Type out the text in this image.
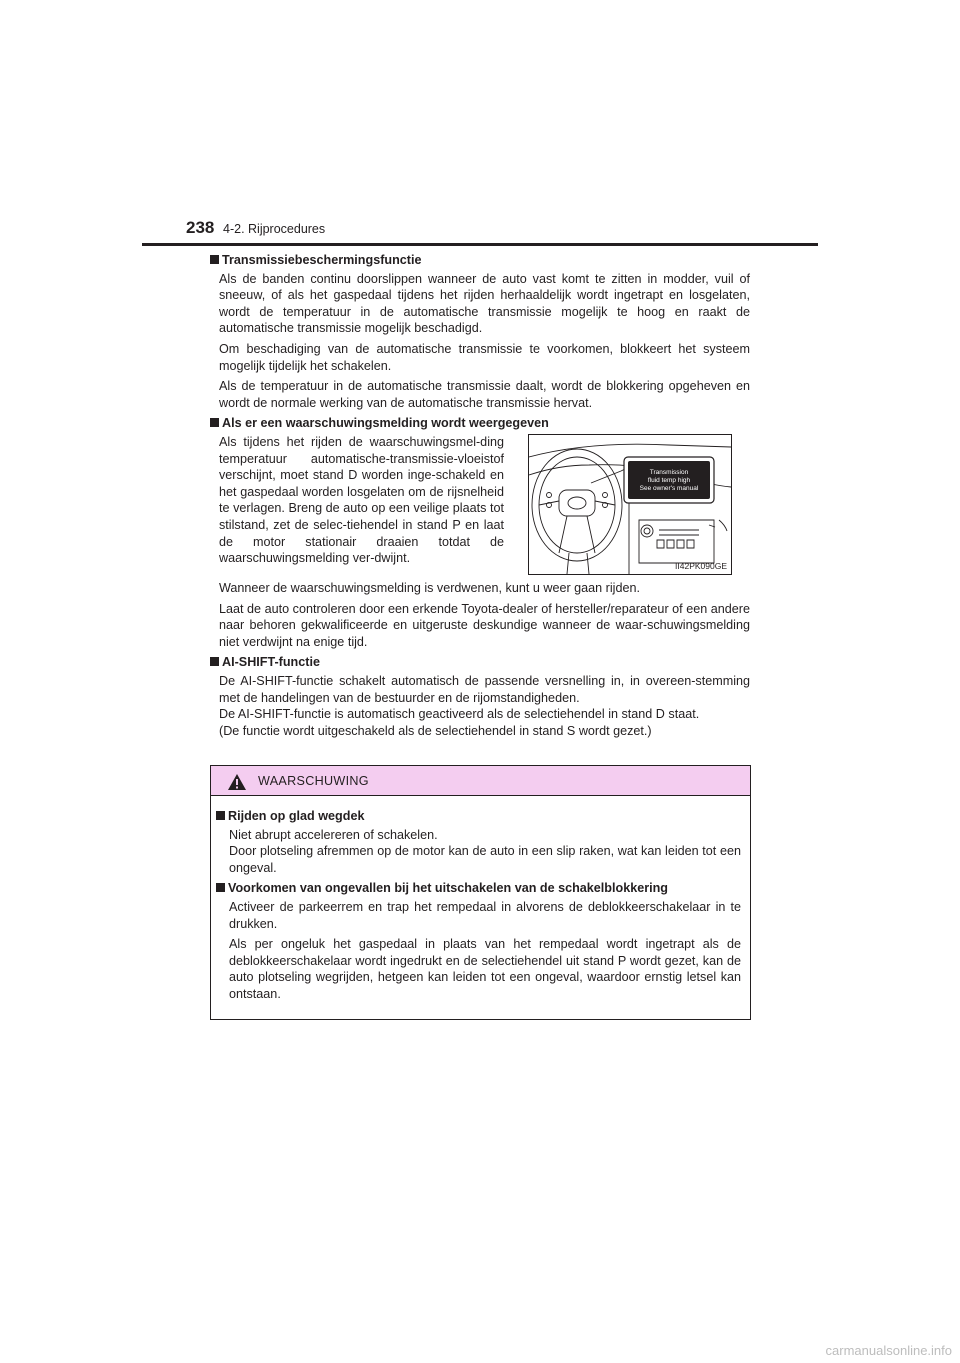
238 4-2. Rijprocedures
Transmissiebeschermingsfunctie
Als de banden continu doorslippen wanneer de auto vast komt te zitten in modder, vuil of sneeuw, of als het gaspedaal tijdens het rijden herhaaldelijk wordt ingetrapt en losgelaten, wordt de temperatuur in de automatische transmissie mogelijk te hoog en raakt de automatische transmissie mogelijk beschadigd.
Om beschadiging van de automatische transmissie te voorkomen, blokkeert het systeem mogelijk tijdelijk het schakelen.
Als de temperatuur in de automatische transmissie daalt, wordt de blokkering opgeheven en wordt de normale werking van de automatische transmissie hervat.
Als er een waarschuwingsmelding wordt weergegeven
Als tijdens het rijden de waarschuwingsmel-ding temperatuur automatische-transmissie-vloeistof verschijnt, moet stand D worden inge-schakeld en het gaspedaal worden losgelaten om de rijsnelheid te verlagen. Breng de auto op een veilige plaats tot stilstand, zet de selec-tiehendel in stand P en laat de motor stationair draaien totdat de waarschuwingsmelding ver-dwijnt.
Transmission
fluid temp high
See owner's manual
II42PK090GE
Wanneer de waarschuwingsmelding is verdwenen, kunt u weer gaan rijden.
Laat de auto controleren door een erkende Toyota-dealer of hersteller/reparateur of een andere naar behoren gekwalificeerde en uitgeruste deskundige wanneer de waar-schuwingsmelding niet verdwijnt na enige tijd.
AI-SHIFT-functie
De AI-SHIFT-functie schakelt automatisch de passende versnelling in, in overeen-stemming met de handelingen van de bestuurder en de rijomstandigheden.
De AI-SHIFT-functie is automatisch geactiveerd als de selectiehendel in stand D staat.
(De functie wordt uitgeschakeld als de selectiehendel in stand S wordt gezet.)
WAARSCHUWING
Rijden op glad wegdek
Niet abrupt accelereren of schakelen.
Door plotseling afremmen op de motor kan de auto in een slip raken, wat kan leiden tot een ongeval.
Voorkomen van ongevallen bij het uitschakelen van de schakelblokkering
Activeer de parkeerrem en trap het rempedaal in alvorens de deblokkeerschakelaar in te drukken.
Als per ongeluk het gaspedaal in plaats van het rempedaal wordt ingetrapt als de deblokkeerschakelaar wordt ingedrukt en de selectiehendel uit stand P wordt gezet, kan de auto plotseling wegrijden, hetgeen kan leiden tot een ongeval, waardoor ernstig letsel kan ontstaan.
carmanualsonline.info
